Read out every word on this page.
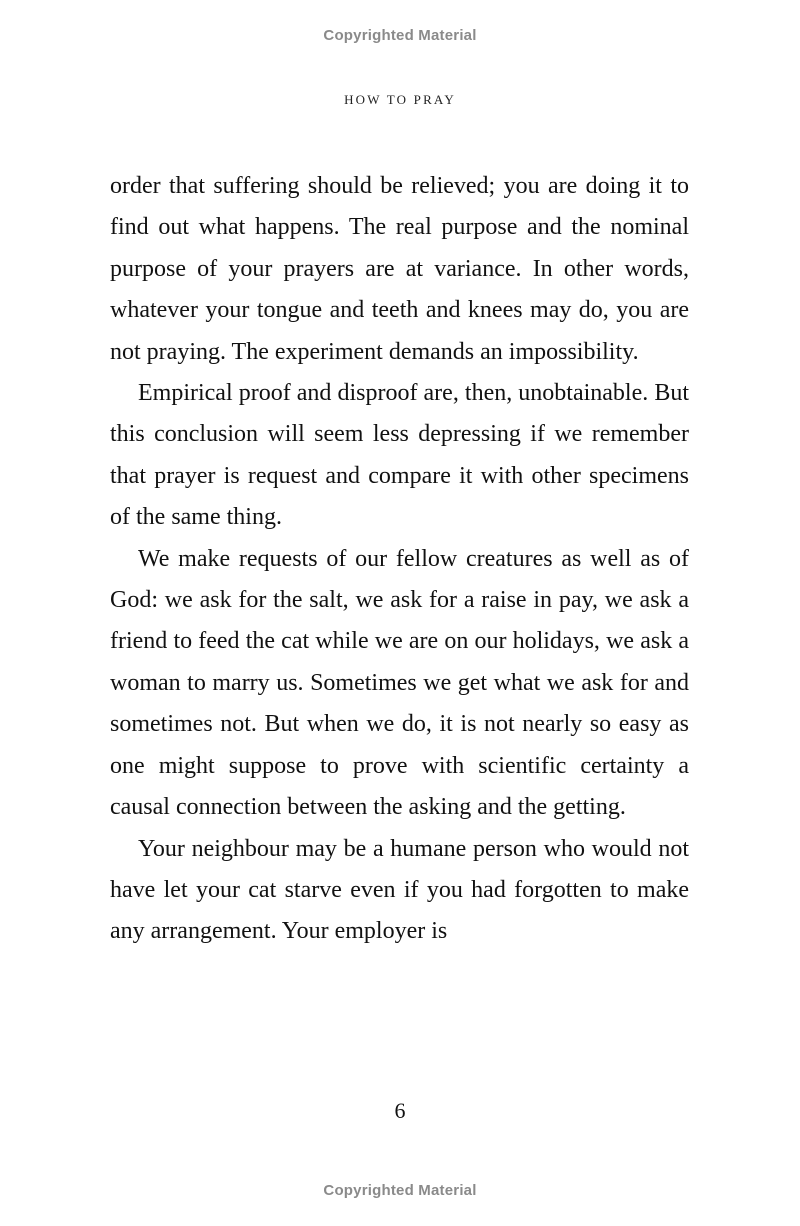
Copyrighted Material
HOW TO PRAY

order that suffering should be relieved; you are doing it to find out what happens. The real purpose and the nominal purpose of your prayers are at variance. In other words, whatever your tongue and teeth and knees may do, you are not praying. The experiment demands an impossibility.

Empirical proof and disproof are, then, unobtainable. But this conclusion will seem less depressing if we remember that prayer is request and compare it with other specimens of the same thing.

We make requests of our fellow creatures as well as of God: we ask for the salt, we ask for a raise in pay, we ask a friend to feed the cat while we are on our holidays, we ask a woman to marry us. Sometimes we get what we ask for and sometimes not. But when we do, it is not nearly so easy as one might suppose to prove with scientific certainty a causal connection between the asking and the getting.

Your neighbour may be a humane person who would not have let your cat starve even if you had forgotten to make any arrangement. Your employer is

6
Copyrighted Material
